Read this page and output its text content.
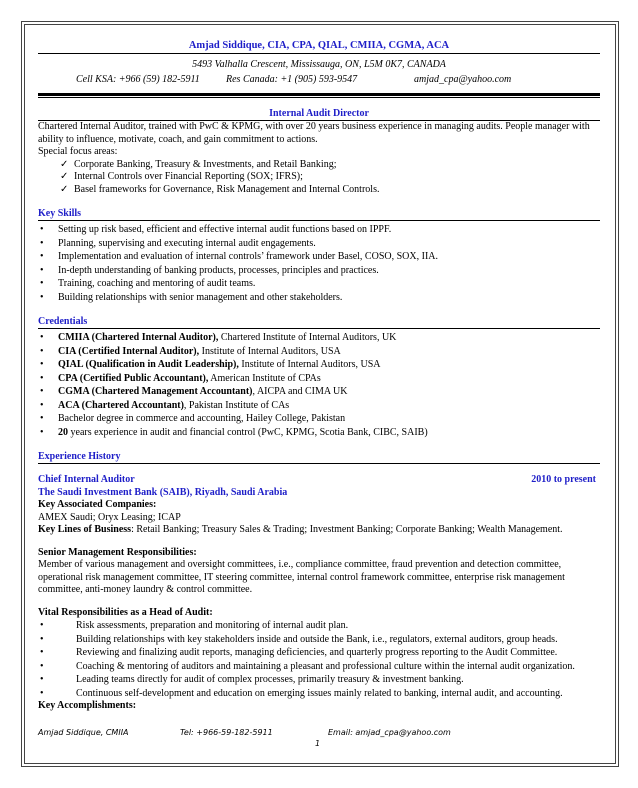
Amjad Siddique, CIA, CPA, QIAL, CMIIA, CGMA, ACA
5493 Valhalla Crescent, Mississauga, ON, L5M 0K7, CANADA
Cell KSA: +966 (59) 182-5911	Res Canada: +1 (905) 593-9547	amjad_cpa@yahoo.com
Internal Audit Director

Chartered Internal Auditor, trained with PwC & KPMG, with over 20 years business experience in managing audits. People manager with ability to influence, motivate, coach, and gain commitment to actions.

Special focus areas:

✓ Corporate Banking, Treasury & Investments, and Retail Banking;
✓ Internal Controls over Financial Reporting (SOX; IFRS);
✓ Basel frameworks for Governance, Risk Management and Internal Controls.
Key Skills
• Setting up risk based, efficient and effective internal audit functions based on IPPF.
• Planning, supervising and executing internal audit engagements.
• Implementation and evaluation of internal controls’ framework under Basel, COSO, SOX, IIA.
• In-depth understanding of banking products, processes, principles and practices.
• Training, coaching and mentoring of audit teams.
• Building relationships with senior management and other stakeholders.
Credentials
• CMIIA (Chartered Internal Auditor), Chartered Institute of Internal Auditors, UK
• CIA (Certified Internal Auditor), Institute of Internal Auditors, USA
• QIAL (Qualification in Audit Leadership), Institute of Internal Auditors, USA
• CPA (Certified Public Accountant), American Institute of CPAs
• CGMA (Chartered Management Accountant), AICPA and CIMA UK
• ACA (Chartered Accountant), Pakistan Institute of CAs
• Bachelor degree in commerce and accounting, Hailey College, Pakistan
• 20 years experience in audit and financial control (PwC, KPMG, Scotia Bank, CIBC, SAIB)
Experience History
Chief Internal Auditor	2010 to present
The Saudi Investment Bank (SAIB), Riyadh, Saudi Arabia

Key Associated Companies:

AMEX Saudi; Oryx Leasing; ICAP

Key Lines of Business: Retail Banking; Treasury Sales & Trading; Investment Banking; Corporate Banking; Wealth Management.

Senior Management Responsibilities:

Member of various management and oversight committees, i.e., compliance committee, fraud prevention and detection committee, operational risk management committee, IT steering committee, internal control framework committee, enterprise risk management committee, anti-money laundry & control committee.

Vital Responsibilities as a Head of Audit:

•	Risk assessments, preparation and monitoring of internal audit plan.
•	Building relationships with key stakeholders inside and outside the Bank, i.e., regulators, external auditors, group heads.
•	Reviewing and finalizing audit reports, managing deficiencies, and quarterly progress reporting to the Audit Committee.
•	Coaching & mentoring of auditors and maintaining a pleasant and professional culture within the internal audit organization.
•	Leading teams directly for audit of complex processes, primarily treasury & investment banking.
•	Continuous self-development and education on emerging issues mainly related to banking, internal audit, and accounting.

Key Accomplishments:

Amjad Siddique, CMIIA	Tel: +966-59-182-5911	Email: amjad_cpa@yahoo.com
1
